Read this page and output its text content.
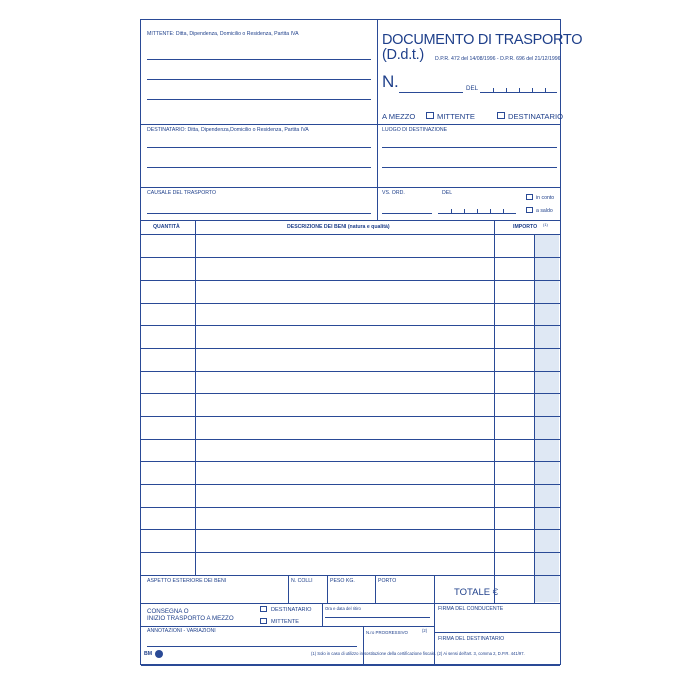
MITTENTE: Ditta, Dipendenza, Domicilio o Residenza, Partita IVA	DOCUMENTO DI TRASPORTO
(D.d.t.) D.P.R. 472 del 14/08/1996 - D.P.R. 696 del 21/12/1996
N.	DEL
A MEZZO	MITTENTE	DESTINATARIO
DESTINATARIO: Ditta, Dipendenza,Domicilio o Residenza, Partita IVA	LUOGO DI DESTINAZIONE
CAUSALE DEL TRASPORTO	VS. ORD.	DEL
in conto
a saldo
QUANTITÀ	DESCRIZIONE DEI BENI (natura e qualità)	IMPORTO (1)
ASPETTO ESTERIORE DEI BENI	N. COLLI	PESO KG.	PORTO
TOTALE €
CONSEGNA O
INIZIO TRASPORTO A MEZZO
DESTINATARIO
MITTENTE
Ora e data del ritiro	FIRMA DEL CONDUCENTE
ANNOTAZIONI - VARIAZIONI	N.ro PROGRESSIVO	(2)
FIRMA DEL DESTINATARIO
BM	(1) Solo in caso di utilizzo in sostituzione della certificazione fiscale. (2) Ai sensi dell'art. 3, comma 2, D.P.R. 441/97.
